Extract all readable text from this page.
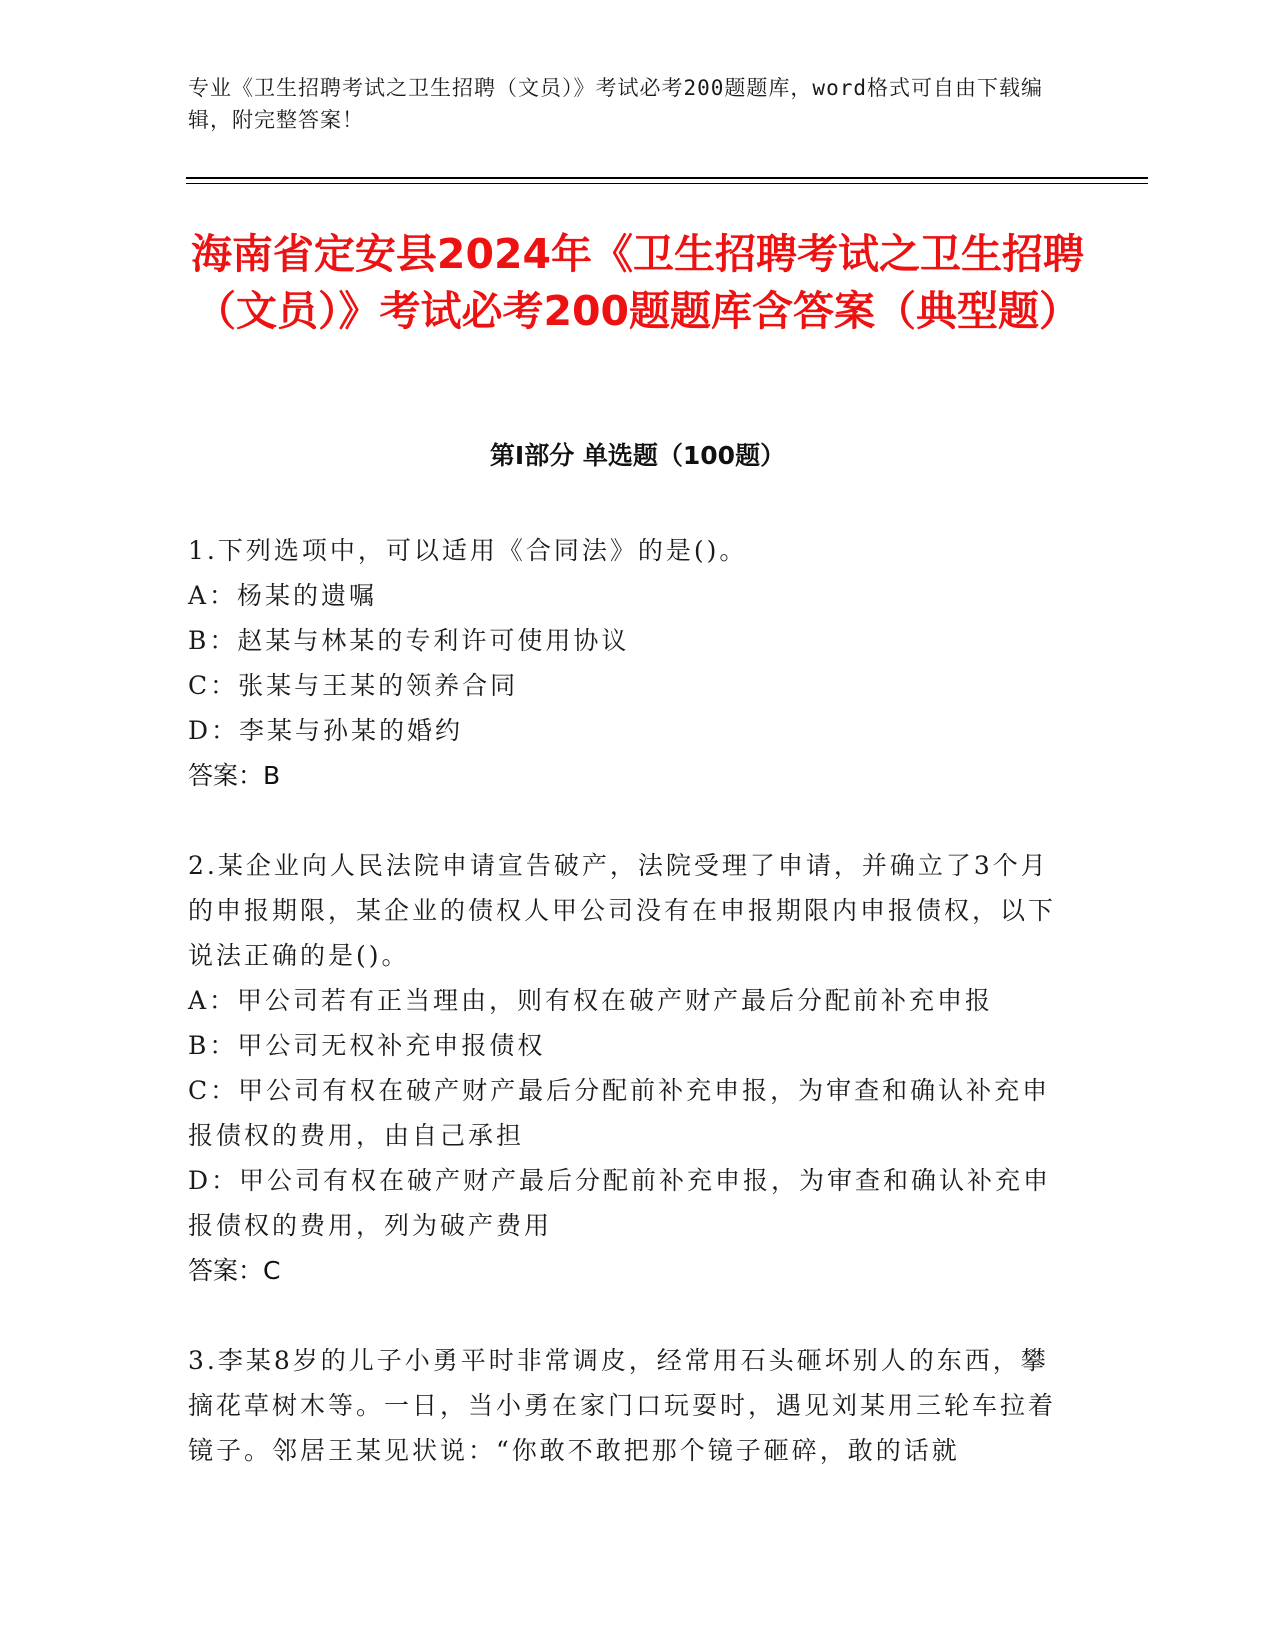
专业《卫生招聘考试之卫生招聘（文员）》考试必考200题题库，word格式可自由下载编辑，附完整答案！
海南省定安县2024年《卫生招聘考试之卫生招聘（文员）》考试必考200题题库含答案（典型题）
第I部分 单选题（100题）

1.下列选项中，可以适用《合同法》的是()。

A：杨某的遗嘱

B：赵某与林某的专利许可使用协议

C：张某与王某的领养合同

D：李某与孙某的婚约

答案：B

2.某企业向人民法院申请宣告破产，法院受理了申请，并确立了3个月的申报期限，某企业的债权人甲公司没有在申报期限内申报债权，以下说法正确的是()。

A：甲公司若有正当理由，则有权在破产财产最后分配前补充申报

B：甲公司无权补充申报债权

C：甲公司有权在破产财产最后分配前补充申报，为审查和确认补充申报债权的费用，由自己承担

D：甲公司有权在破产财产最后分配前补充申报，为审查和确认补充申报债权的费用，列为破产费用

答案：C

3.李某8岁的儿子小勇平时非常调皮，经常用石头砸坏别人的东西，攀摘花草树木等。一日，当小勇在家门口玩耍时，遇见刘某用三轮车拉着镜子。邻居王某见状说：“你敢不敢把那个镜子砸碎，敢的话就
